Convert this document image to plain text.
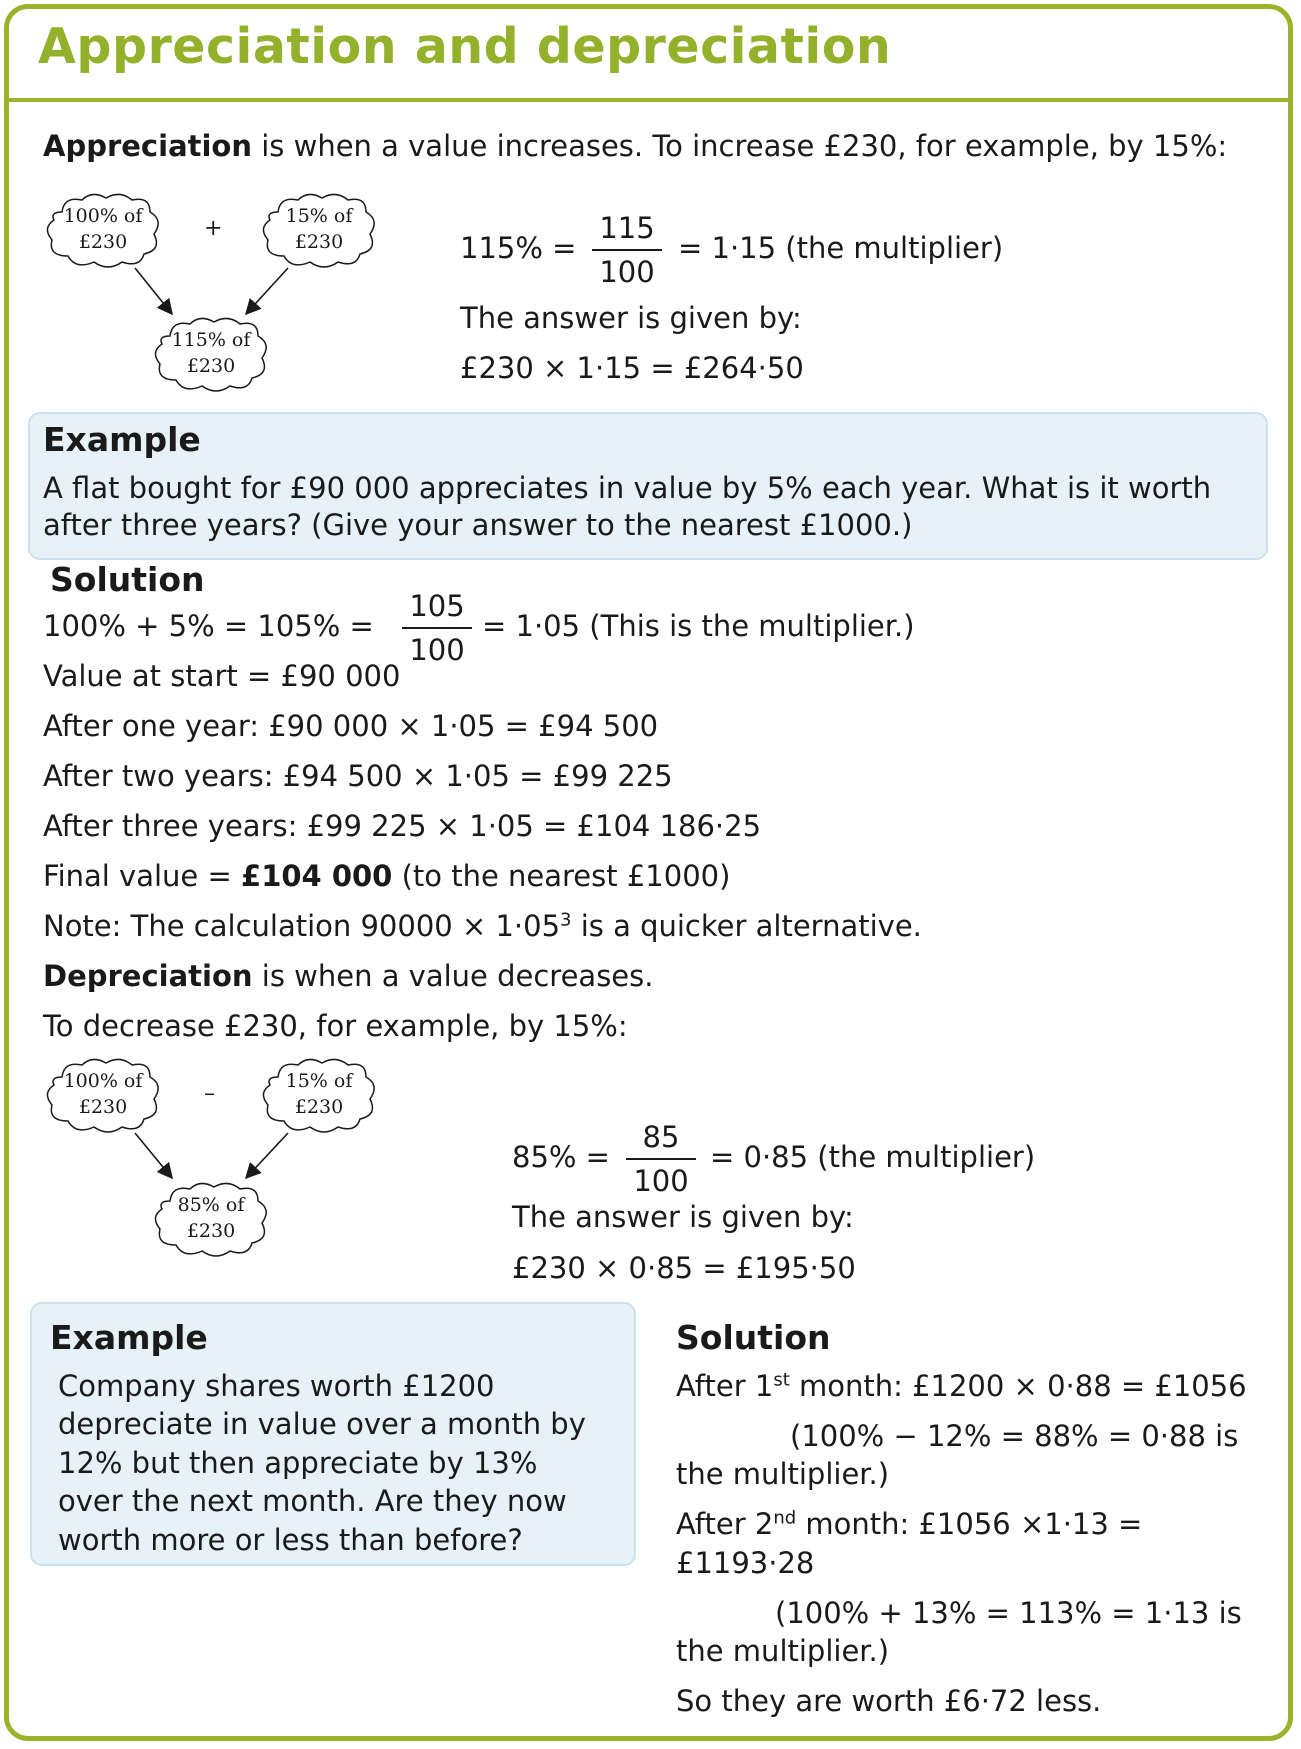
Appreciation and depreciation
Appreciation is when a value increases. To increase £230, for example, by 15%:
100% of
£230
+	15% of
£230
115% of
£230
115% =
115
100
= 1·15 (the multiplier)
The answer is given by:
£230 × 1·15 = £264·50
Example
A flat bought for £90 000 appreciates in value by 5% each year. What is it worth
after three years? (Give your answer to the nearest £1000.)
Solution
100% + 5% = 105% =
105
100
= 1·05 (This is the multiplier.)
Value at start = £90 000
After one year: £90 000 × 1·05 = £94 500
After two years: £94 500 × 1·05 = £99 225
After three years: £99 225 × 1·05 = £104 186·25
Final value = £104 000 (to the nearest £1000)
Note: The calculation $90000 \times 1\cdot 05^3$ is a quicker alternative.
Depreciation is when a value decreases.
To decrease £230, for example, by 15%:
100% of
£230
–	15% of
£230
85% of
£230
85% =
85
100
= 0·85 (the multiplier)
The answer is given by:
£230 × 0·85 = £195·50
Example
Company shares worth £1200
depreciate in value over a month by
12% but then appreciate by 13%
over the next month. Are they now
worth more or less than before?
Solution
After 1st month: £1200 × 0·88 = £1056
(100% − 12% = 88% = 0·88 is
the multiplier.)
After 2nd month: £1056 ×1·13 =
£1193·28
(100% + 13% = 113% = 1·13 is
the multiplier.)
So they are worth £6·72 less.
